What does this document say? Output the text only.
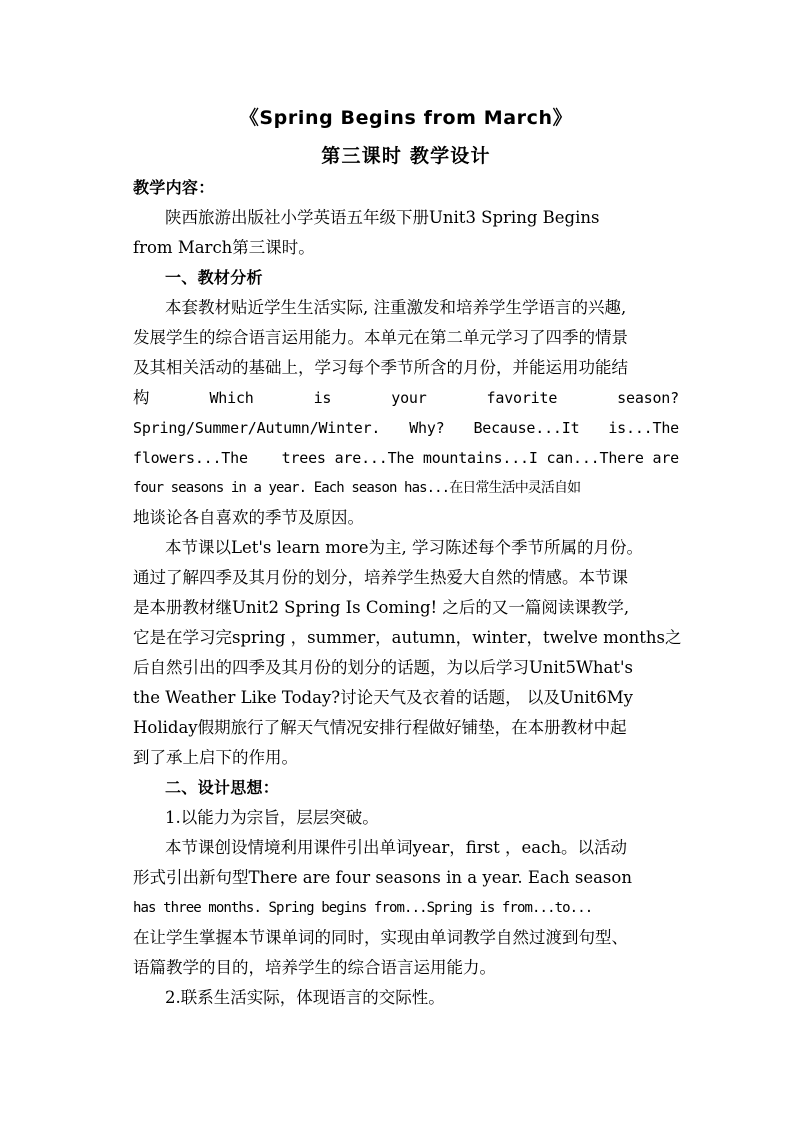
《Spring Begins from March》
第三课时 教学设计

教学内容：

陕西旅游出版社小学英语五年级下册Unit3 Spring Begins

from March第三课时。

一、教材分析

本套教材贴近学生生活实际, 注重激发和培养学生学语言的兴趣,

发展学生的综合语言运用能力。本单元在第二单元学习了四季的情景

及其相关活动的基础上，学习每个季节所含的月份，并能运用功能结

构	Which	is	your	favorite	season?

Spring/Summer/Autumn/Winter. Why? Because...It is...The

flowers...The trees are...The mountains...I can...There are

four seasons in a year. Each season has...在日常生活中灵活自如

地谈论各自喜欢的季节及原因。

本节课以Let's learn more为主, 学习陈述每个季节所属的月份。

通过了解四季及其月份的划分，培养学生热爱大自然的情感。本节课

是本册教材继Unit2 Spring Is Coming! 之后的又一篇阅读课教学,

它是在学习完spring ，summer，autumn，winter，twelve months之

后自然引出的四季及其月份的划分的话题，为以后学习Unit5What's

the Weather Like Today?讨论天气及衣着的话题， 以及Unit6My

Holiday假期旅行了解天气情况安排行程做好铺垫，在本册教材中起

到了承上启下的作用。

二、设计思想：

1.以能力为宗旨，层层突破。

本节课创设情境利用课件引出单词year，first ，each。以活动

形式引出新句型There are four seasons in a year. Each season

has three months. Spring begins from...Spring is from...to...

在让学生掌握本节课单词的同时，实现由单词教学自然过渡到句型、

语篇教学的目的，培养学生的综合语言运用能力。

2.联系生活实际，体现语言的交际性。
